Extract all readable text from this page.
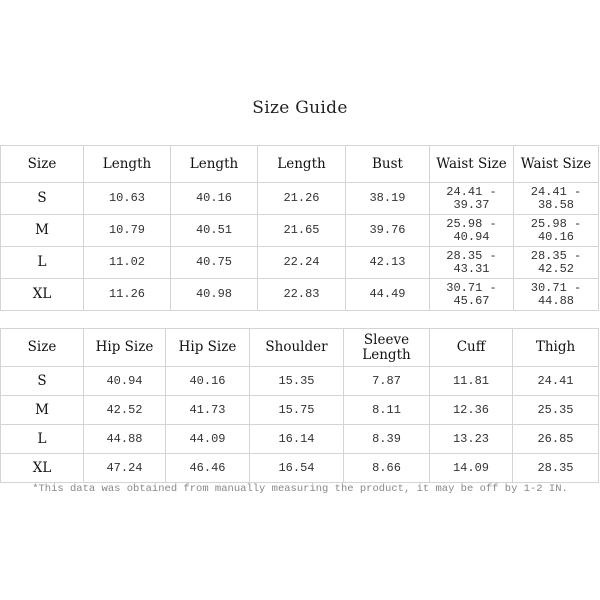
Size Guide
Size	Length	Length	Length	Bust	Waist Size	Waist Size
S	10.63	40.16	21.26	38.19	24.41 - 39.37	24.41 - 38.58
M	10.79	40.51	21.65	39.76	25.98 - 40.94	25.98 - 40.16
L	11.02	40.75	22.24	42.13	28.35 - 43.31	28.35 - 42.52
XL	11.26	40.98	22.83	44.49	30.71 - 45.67	30.71 - 44.88
Size	Hip Size	Hip Size	Shoulder	Sleeve Length	Cuff	Thigh
S	40.94	40.16	15.35	7.87	11.81	24.41
M	42.52	41.73	15.75	8.11	12.36	25.35
L	44.88	44.09	16.14	8.39	13.23	26.85
XL	47.24	46.46	16.54	8.66	14.09	28.35
*This data was obtained from manually measuring the product, it may be off by 1-2 IN.
